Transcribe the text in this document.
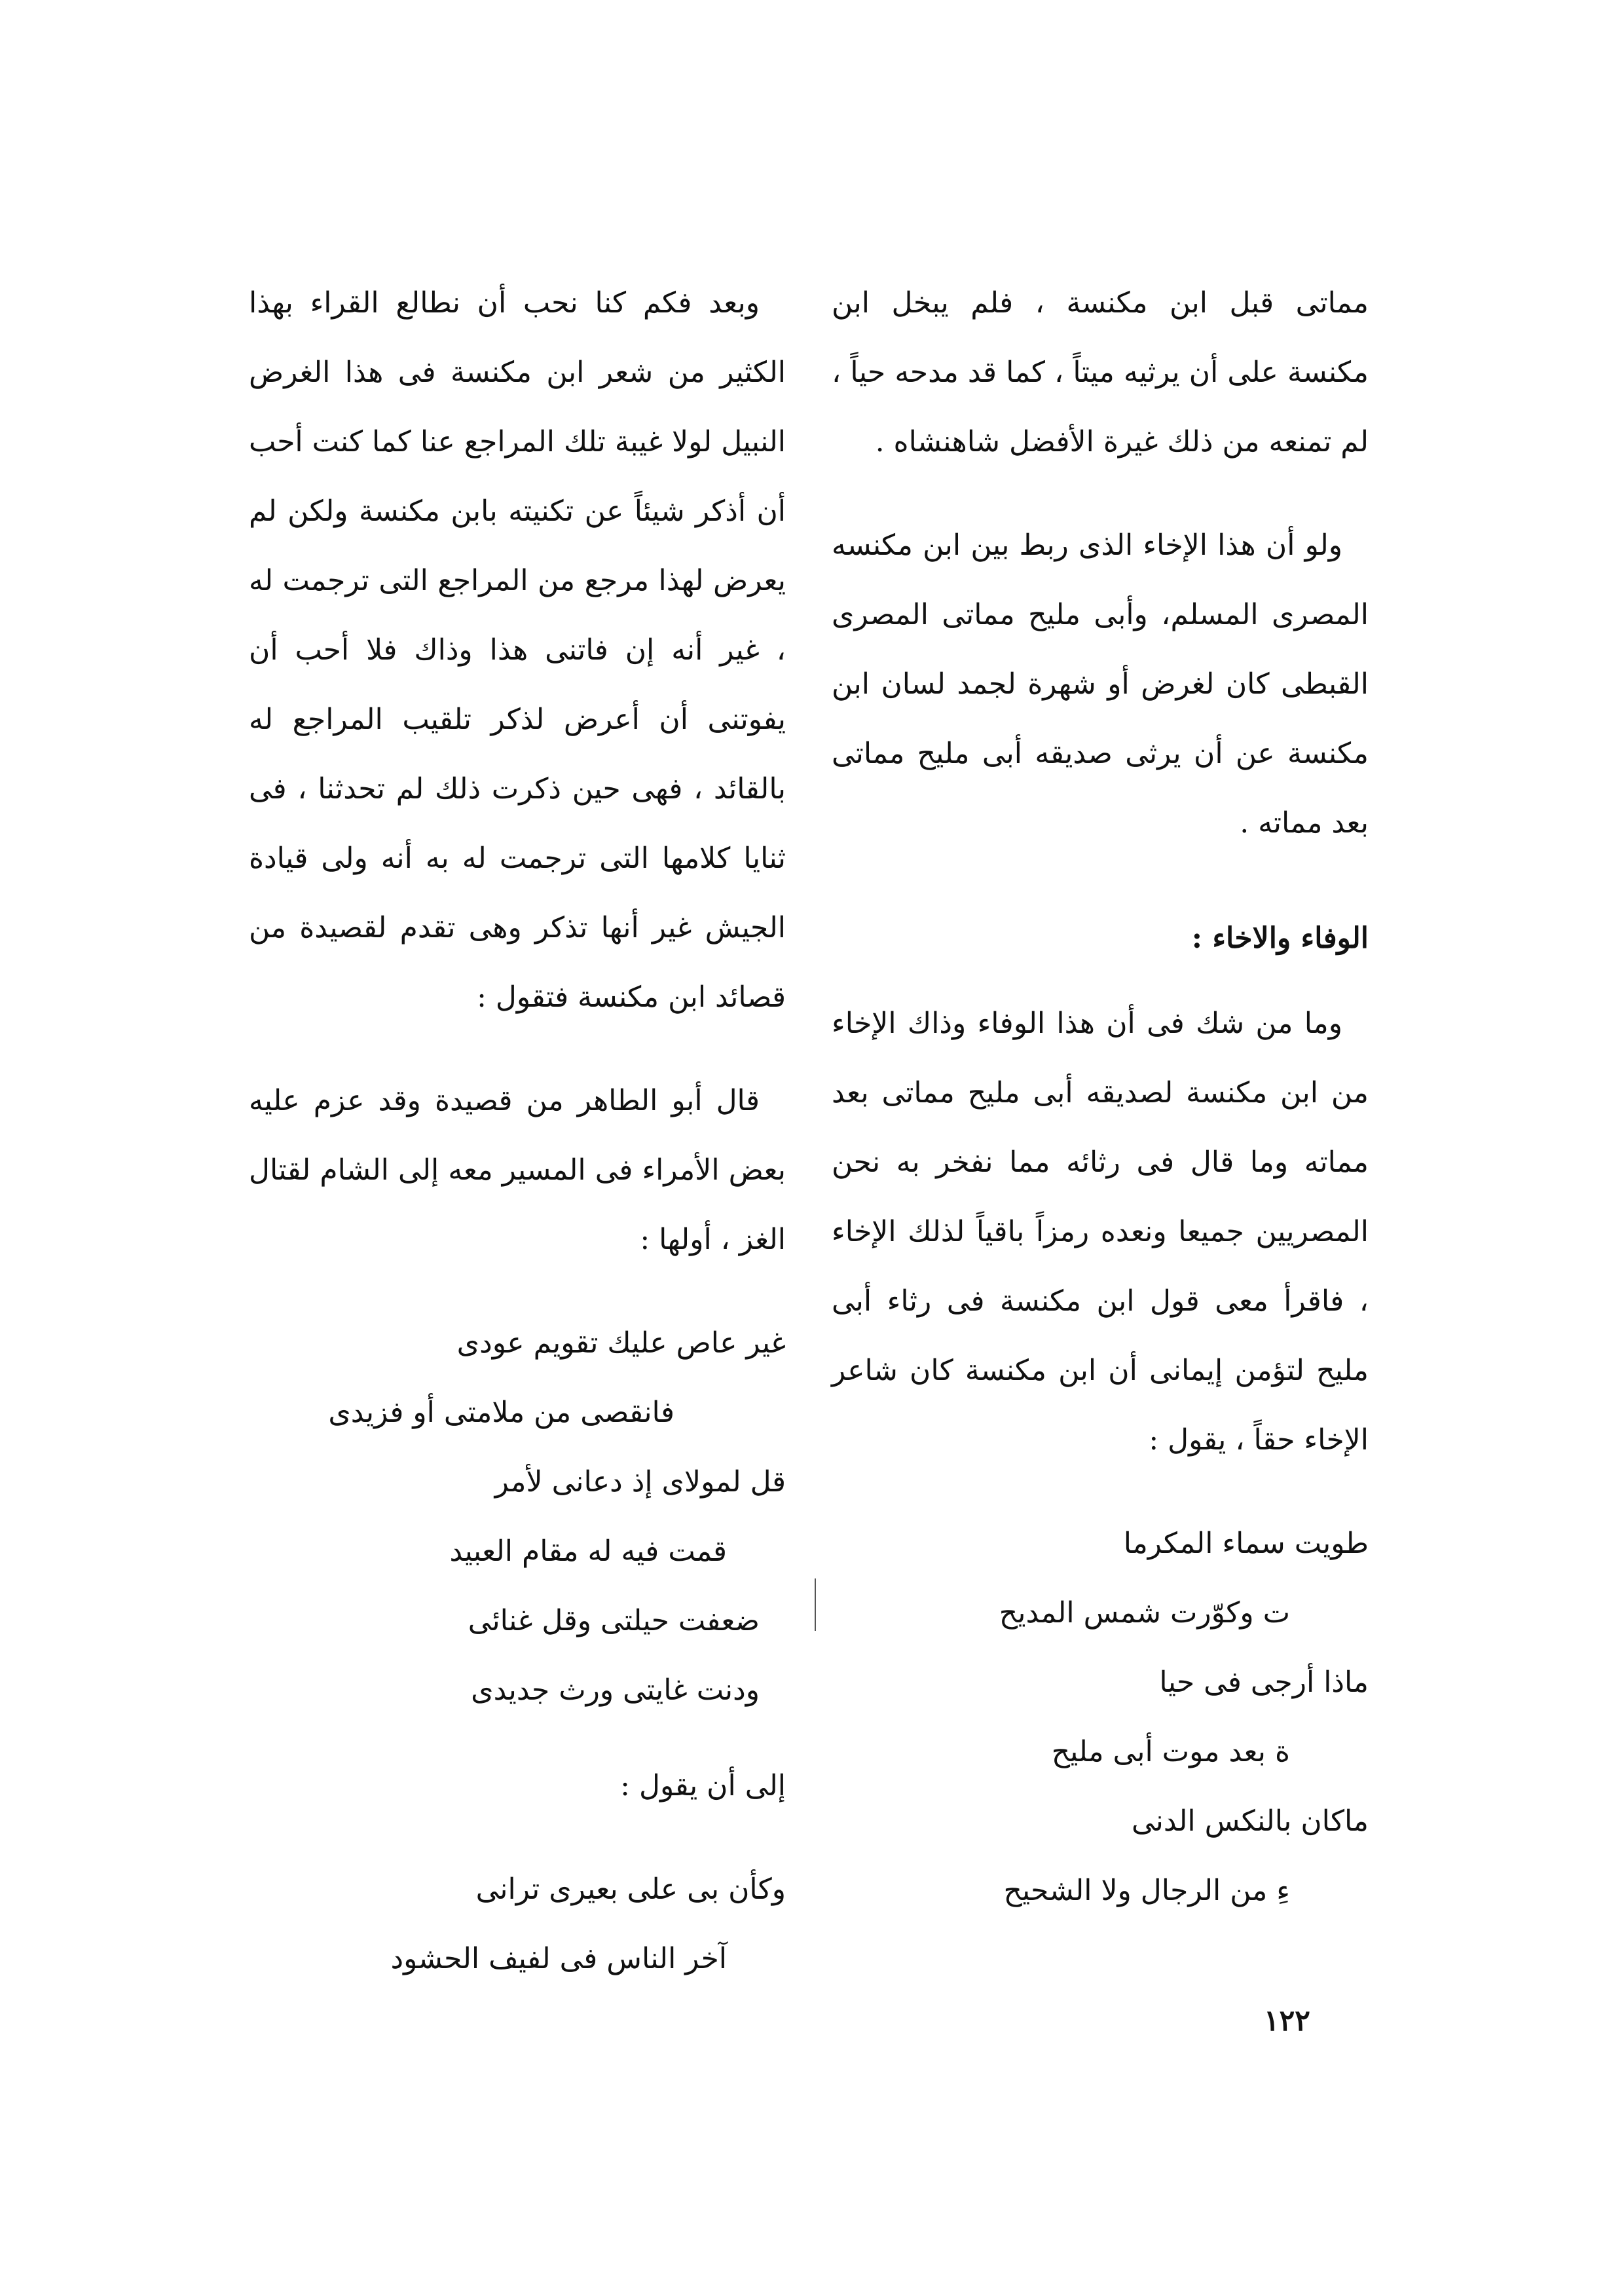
مماتى قبل ابن مكنسة ، فلم يبخل ابن مكنسة على أن يرثيه ميتاً ، كما قد مدحه حياً ، لم تمنعه من ذلك غيرة الأفضل شاهنشاه .

ولو أن هذا الإخاء الذى ربط بين ابن مكنسه المصرى المسلم، وأبى مليح مماتى المصرى القبطى كان لغرض أو شهرة لجمد لسان ابن مكنسة عن أن يرثى صديقه أبى مليح مماتى بعد مماته .

الوفاء والاخاء :

وما من شك فى أن هذا الوفاء وذاك الإخاء من ابن مكنسة لصديقه أبى مليح مماتى بعد مماته وما قال فى رثائه مما نفخر به نحن المصريين جميعا ونعده رمزاً باقياً لذلك الإخاء ، فاقرأ معى قول ابن مكنسة فى رثاء أبى مليح لتؤمن إيمانى أن ابن مكنسة كان شاعر الإخاء حقاً ، يقول :

طويت سماء المكرما
ت وكوّرت شمس المديح
ماذا أرجى فى حيا
ة بعد موت أبى مليح
ماكان بالنكس الدنى
ءِ من الرجال ولا الشحيح

وبعد فكم كنا نحب أن نطالع القراء بهذا الكثير من شعر ابن مكنسة فى هذا الغرض النبيل لولا غيبة تلك المراجع عنا كما كنت أحب أن أذكر شيئاً عن تكنيته بابن مكنسة ولكن لم يعرض لهذا مرجع من المراجع التى ترجمت له ، غير أنه إن فاتنى هذا وذاك فلا أحب أن يفوتنى أن أعرض لذكر تلقيب المراجع له بالقائد ، فهى حين ذكرت ذلك لم تحدثنا ، فى ثنايا كلامها التى ترجمت له به أنه ولى قيادة الجيش غير أنها تذكر وهى تقدم لقصيدة من قصائد ابن مكنسة فتقول :

قال أبو الطاهر من قصيدة وقد عزم عليه بعض الأمراء فى المسير معه إلى الشام لقتال الغز ، أولها :

غير عاص عليك تقويم عودى
فانقصى من ملامتى أو فزيدى
قل لمولاى إذ دعانى لأمر
قمت فيه له مقام العبيد
ضعفت حيلتى وقل غنائى
ودنت غايتى ورث جديدى

إلى أن يقول :

وكأن بى على بعيرى ترانى
آخر الناس فى لفيف الحشود
١٢٢
